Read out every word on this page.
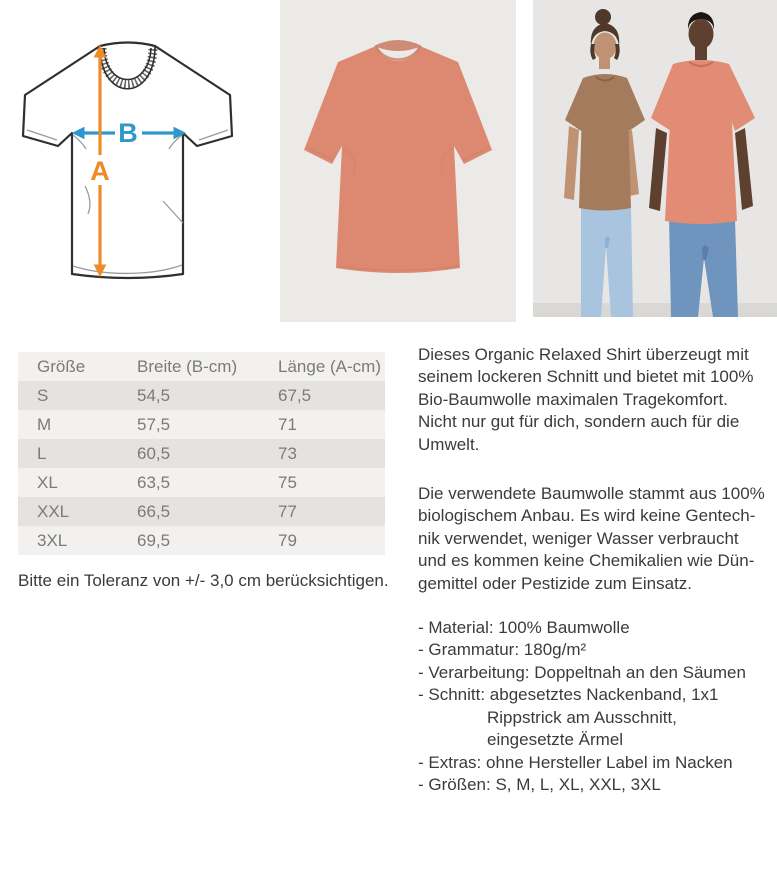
B
A
Größe	Breite (B-cm)	Länge (A-cm)
S	54,5	67,5
M	57,5	71
L	60,5	73
XL	63,5	75
XXL	66,5	77
3XL	69,5	79
Bitte ein Toleranz von +/- 3,0 cm berücksichtigen.
Dieses Organic Relaxed Shirt überzeugt mit
seinem lockeren Schnitt und bietet mit 100%
Bio-Baumwolle maximalen Tragekomfort.
Nicht nur gut für dich, sondern auch für die
Umwelt.
Die verwendete Baumwolle stammt aus 100%
biologischem Anbau. Es wird keine Gentech-
nik verwendet, weniger Wasser verbraucht
und es kommen keine Chemikalien wie Dün-
gemittel oder Pestizide zum Einsatz.
- Material: 100% Baumwolle
- Grammatur: 180g/m²
- Verarbeitung: Doppeltnah an den Säumen
- Schnitt: abgesetztes Nackenband, 1x1
Rippstrick am Ausschnitt,
eingesetzte Ärmel
- Extras: ohne Hersteller Label im Nacken
- Größen: S, M, L, XL, XXL, 3XL
